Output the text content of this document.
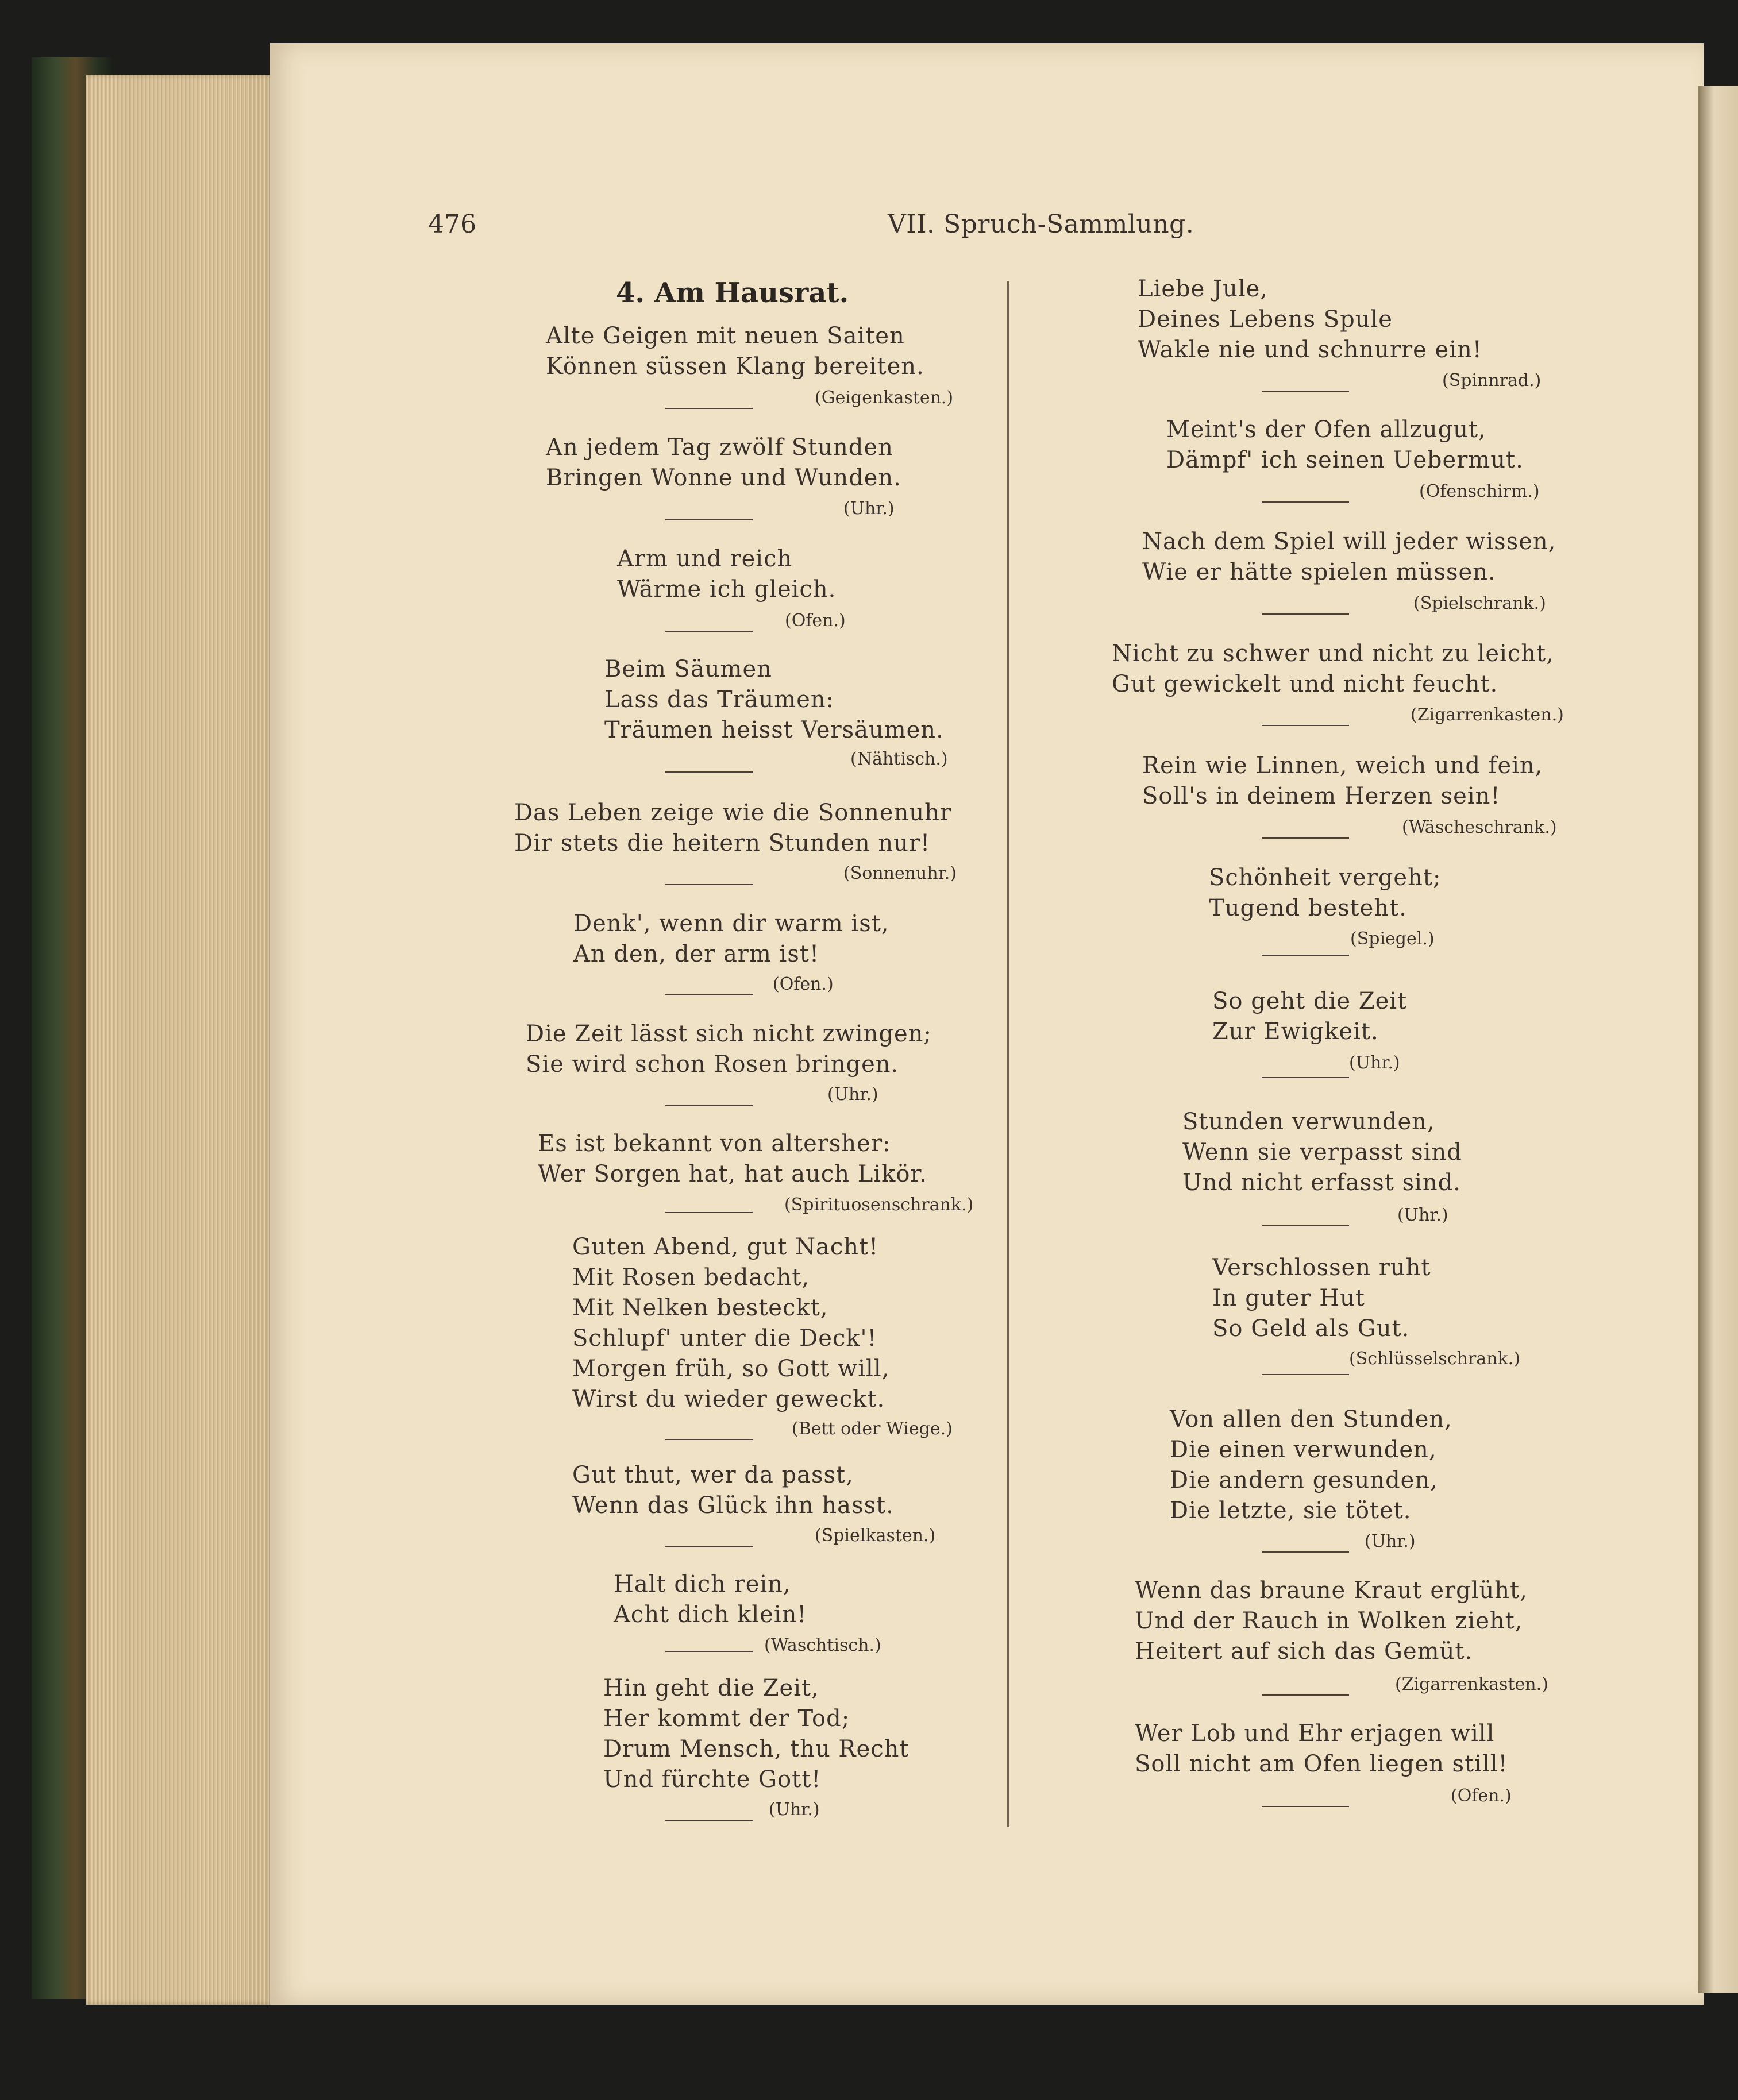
476	VII. Spruch-Sammlung.
4. Am Hausrat.
Alte Geigen mit neuen Saiten
Können süssen Klang bereiten.
(Geigenkasten.)
An jedem Tag zwölf Stunden
Bringen Wonne und Wunden.
(Uhr.)
Arm und reich
Wärme ich gleich.
(Ofen.)
Beim Säumen
Lass das Träumen:
Träumen heisst Versäumen.
(Nähtisch.)
Das Leben zeige wie die Sonnenuhr
Dir stets die heitern Stunden nur!
(Sonnenuhr.)
Denk', wenn dir warm ist,
An den, der arm ist!
(Ofen.)
Die Zeit lässt sich nicht zwingen;
Sie wird schon Rosen bringen.
(Uhr.)
Es ist bekannt von altersher:
Wer Sorgen hat, hat auch Likör.
(Spirituosenschrank.)
Guten Abend, gut Nacht!
Mit Rosen bedacht,
Mit Nelken besteckt,
Schlupf' unter die Deck'!
Morgen früh, so Gott will,
Wirst du wieder geweckt.
(Bett oder Wiege.)
Gut thut, wer da passt,
Wenn das Glück ihn hasst.
(Spielkasten.)
Halt dich rein,
Acht dich klein!
(Waschtisch.)
Hin geht die Zeit,
Her kommt der Tod;
Drum Mensch, thu Recht
Und fürchte Gott!
(Uhr.)
Liebe Jule,
Deines Lebens Spule
Wakle nie und schnurre ein!
(Spinnrad.)
Meint's der Ofen allzugut,
Dämpf' ich seinen Uebermut.
(Ofenschirm.)
Nach dem Spiel will jeder wissen,
Wie er hätte spielen müssen.
(Spielschrank.)
Nicht zu schwer und nicht zu leicht,
Gut gewickelt und nicht feucht.
(Zigarrenkasten.)
Rein wie Linnen, weich und fein,
Soll's in deinem Herzen sein!
(Wäscheschrank.)
Schönheit vergeht;
Tugend besteht.
(Spiegel.)
So geht die Zeit
Zur Ewigkeit.
(Uhr.)
Stunden verwunden,
Wenn sie verpasst sind
Und nicht erfasst sind.
(Uhr.)
Verschlossen ruht
In guter Hut
So Geld als Gut.
(Schlüsselschrank.)
Von allen den Stunden,
Die einen verwunden,
Die andern gesunden,
Die letzte, sie tötet.
(Uhr.)
Wenn das braune Kraut erglüht,
Und der Rauch in Wolken zieht,
Heitert auf sich das Gemüt.
(Zigarrenkasten.)
Wer Lob und Ehr erjagen will
Soll nicht am Ofen liegen still!
(Ofen.)
